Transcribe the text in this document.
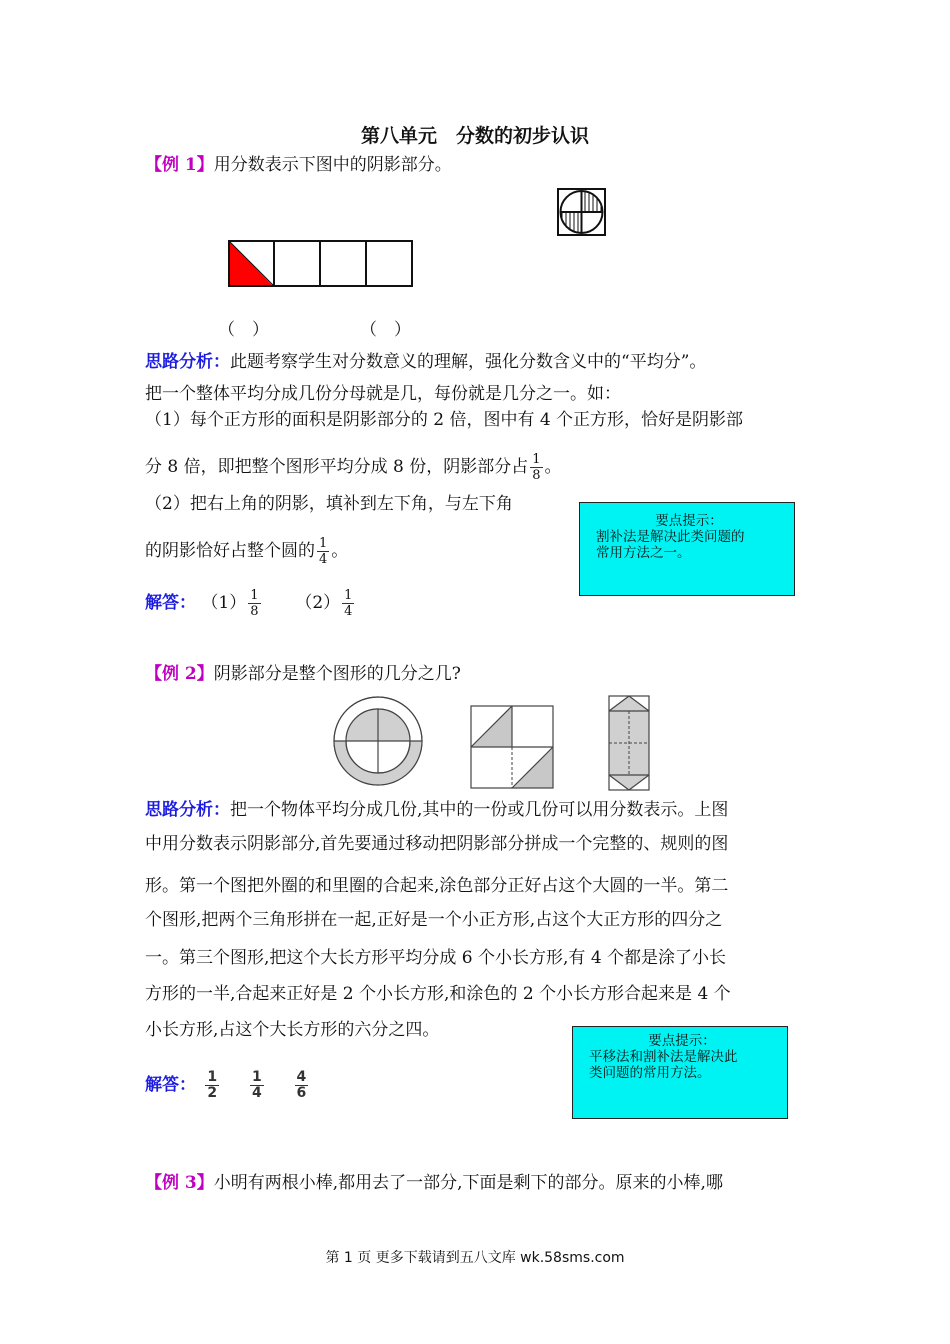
第八单元　分数的初步认识
【例 1】用分数表示下图中的阴影部分。
（　）	（　）
思路分析：此题考察学生对分数意义的理解，强化分数含义中的“平均分”。
把一个整体平均分成几份分母就是几，每份就是几分之一。如：
（1）每个正方形的面积是阴影部分的 2 倍，图中有 4 个正方形，恰好是阴影部
分 8 倍，即把整个图形平均分成 8 份，阴影部分占 $\frac{1}{8}$ 。
（2）把右上角的阴影，填补到左下角，与左下角
的阴影恰好占整个圆的 $\frac{1}{4}$ 。
要点提示：
割补法是解决此类问题的
常用方法之一。
解答： $(1) \frac{1}{8} (2) \frac{1}{4}$
【例 2】阴影部分是整个图形的几分之几?
思路分析：把一个物体平均分成几份,其中的一份或几份可以用分数表示。上图
中用分数表示阴影部分,首先要通过移动把阴影部分拼成一个完整的、规则的图
形。第一个图把外圈的和里圈的合起来,涂色部分正好占这个大圆的一半。第二
个图形,把两个三角形拼在一起,正好是一个小正方形,占这个大正方形的四分之
一。第三个图形,把这个大长方形平均分成 6 个小长方形,有 4 个都是涂了小长
方形的一半,合起来正好是 2 个小长方形,和涂色的 2 个小长方形合起来是 4 个
小长方形,占这个大长方形的六分之四。
要点提示：
平移法和割补法是解决此
类问题的常用方法。
解答： $\frac{1}{2}$
$\frac{1}{4}$
$\frac{4}{6}$
【例 3】小明有两根小棒,都用去了一部分,下面是剩下的部分。原来的小棒,哪
第 1 页 更多下载请到五八文库 wk.58sms.com
